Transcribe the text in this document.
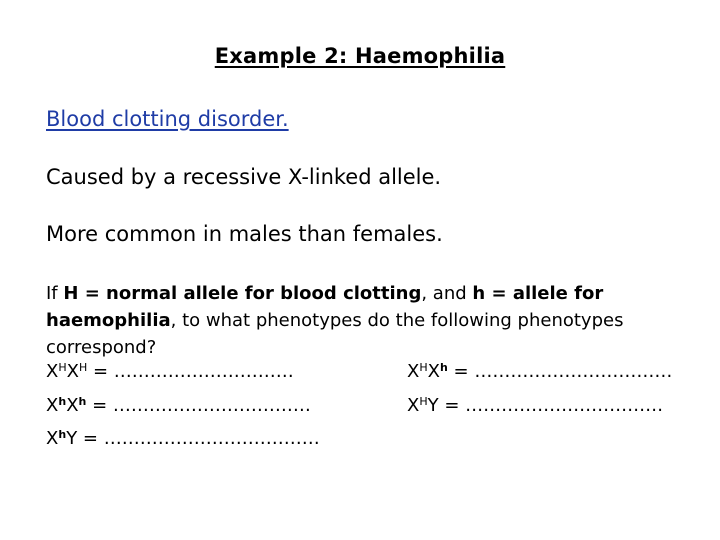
Example 2: Haemophilia
Blood clotting disorder.
Caused by a recessive X-linked allele.
More common in males than females.
If H = normal allele for blood clotting, and h = allele for haemophilia, to what phenotypes do the following phenotypes correspond?
$X^HX^H$ = …………………………	$X^HX^h$ = ……………………………
$X^hX^h$ = ……………………………	$X^HY$ = ……………………………
$X^hY$ = ………………………………
